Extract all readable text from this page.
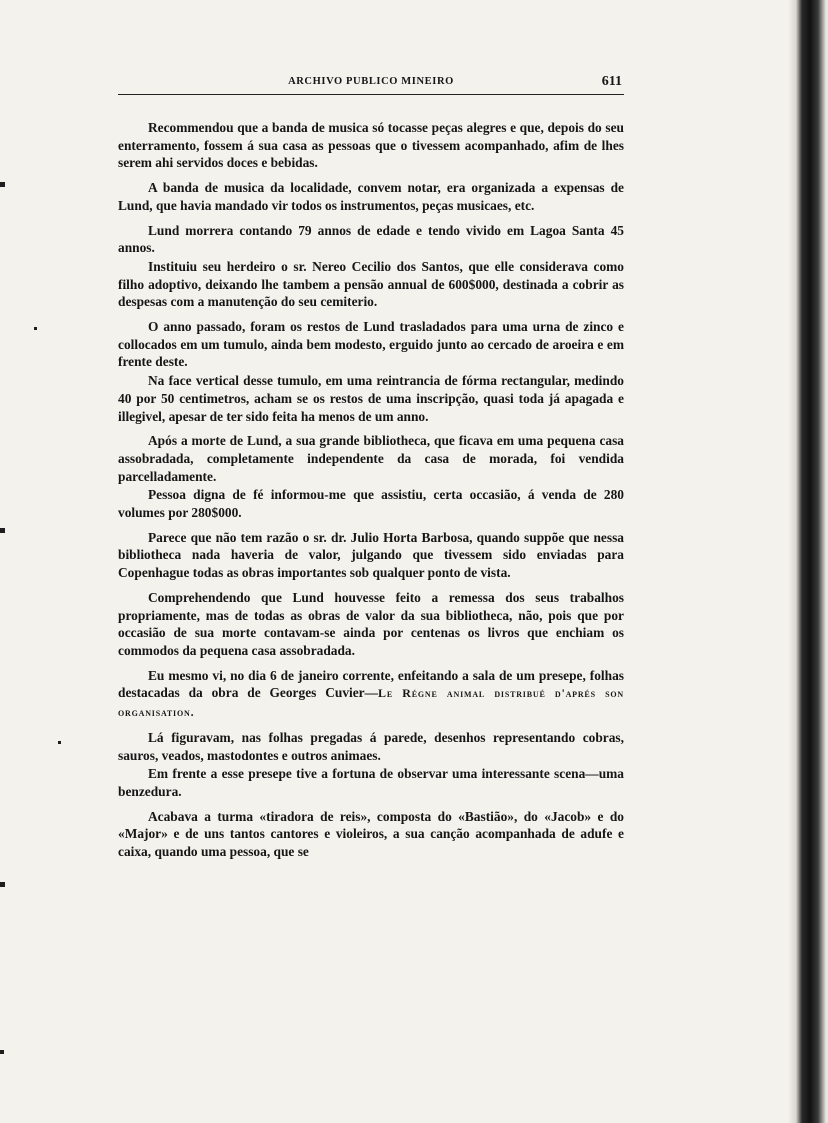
ARCHIVO PUBLICO MINEIRO	611

Recommendou que a banda de musica só tocasse peças alegres e que, depois do seu enterramento, fossem á sua casa as pessoas que o tivessem acompanhado, afim de lhes serem ahi servidos doces e bebidas.

A banda de musica da localidade, convem notar, era organizada a expensas de Lund, que havia mandado vir todos os instrumentos, peças musicaes, etc.

Lund morrera contando 79 annos de edade e tendo vivido em Lagoa Santa 45 annos.

Instituiu seu herdeiro o sr. Nereo Cecilio dos Santos, que elle considerava como filho adoptivo, deixando lhe tambem a pensão annual de 600$000, destinada a cobrir as despesas com a manutenção do seu cemiterio.

O anno passado, foram os restos de Lund trasladados para uma urna de zinco e collocados em um tumulo, ainda bem modesto, erguido junto ao cercado de aroeira e em frente deste.

Na face vertical desse tumulo, em uma reintrancia de fórma rectangular, medindo 40 por 50 centimetros, acham se os restos de uma inscripção, quasi toda já apagada e illegivel, apesar de ter sido feita ha menos de um anno.

Após a morte de Lund, a sua grande bibliotheca, que ficava em uma pequena casa assobradada, completamente independente da casa de morada, foi vendida parcelladamente.

Pessoa digna de fé informou-me que assistiu, certa occasião, á venda de 280 volumes por 280$000.

Parece que não tem razão o sr. dr. Julio Horta Barbosa, quando suppõe que nessa bibliotheca nada haveria de valor, julgando que tivessem sido enviadas para Copenhague todas as obras importantes sob qualquer ponto de vista.

Comprehendendo que Lund houvesse feito a remessa dos seus trabalhos propriamente, mas de todas as obras de valor da sua bibliotheca, não, pois que por occasião de sua morte contavam-se ainda por centenas os livros que enchiam os commodos da pequena casa assobradada.

Eu mesmo vi, no dia 6 de janeiro corrente, enfeitando a sala de um presepe, folhas destacadas da obra de Georges Cuvier—Le Régne animal distribué d'aprés son organisation.

Lá figuravam, nas folhas pregadas á parede, desenhos representando cobras, sauros, veados, mastodontes e outros animaes.

Em frente a esse presepe tive a fortuna de observar uma interessante scena—uma benzedura.

Acabava a turma «tiradora de reis», composta do «Bastião», do «Jacob» e do «Major» e de uns tantos cantores e violeiros, a sua canção acompanhada de adufe e caixa, quando uma pessoa, que se
